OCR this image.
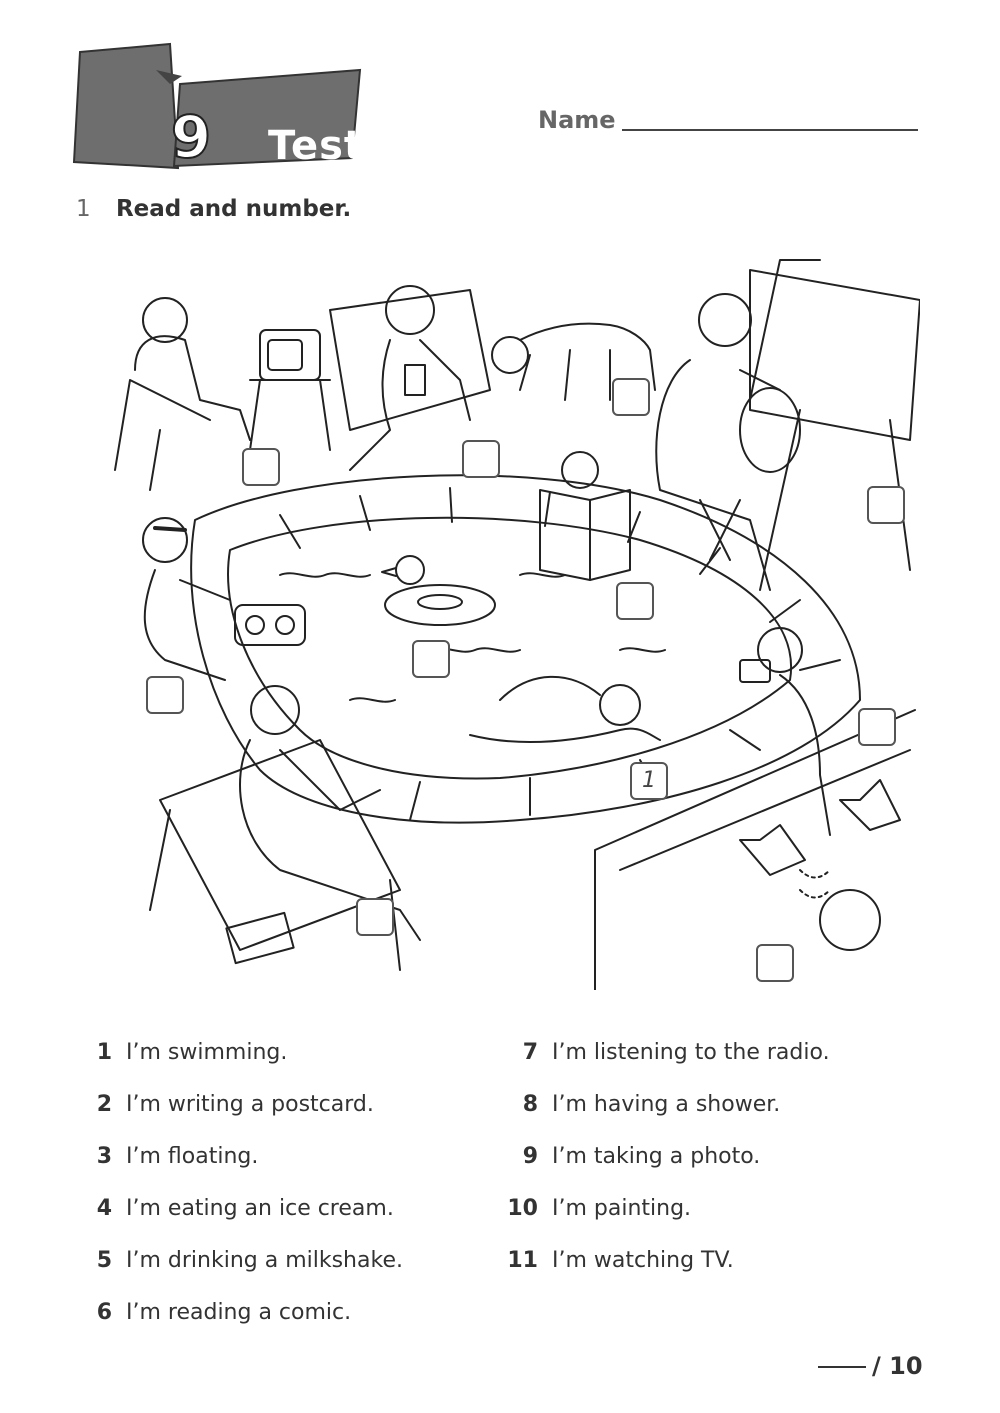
9	Test
Name
1 Read and number.
1
1 I’m swimming.
2 I’m writing a postcard.
3 I’m floating.
4 I’m eating an ice cream.
5 I’m drinking a milkshake.
6 I’m reading a comic.
7 I’m listening to the radio.
8 I’m having a shower.
9 I’m taking a photo.
10 I’m painting.
11 I’m watching TV.
/ 10
